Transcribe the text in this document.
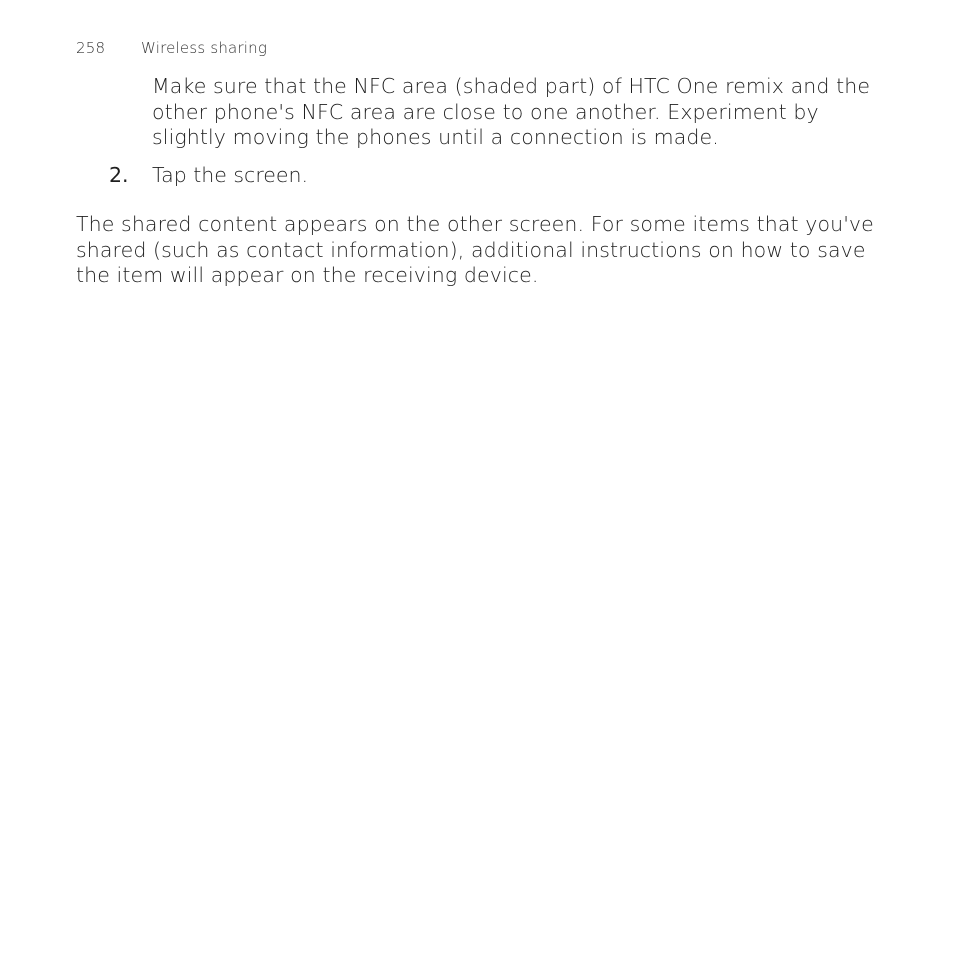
258 Wireless sharing
Make sure that the NFC area (shaded part) of HTC One remix and the other phone's NFC area are close to one another. Experiment by slightly moving the phones until a connection is made.
2. Tap the screen.
The shared content appears on the other screen. For some items that you've shared (such as contact information), additional instructions on how to save the item will appear on the receiving device.
